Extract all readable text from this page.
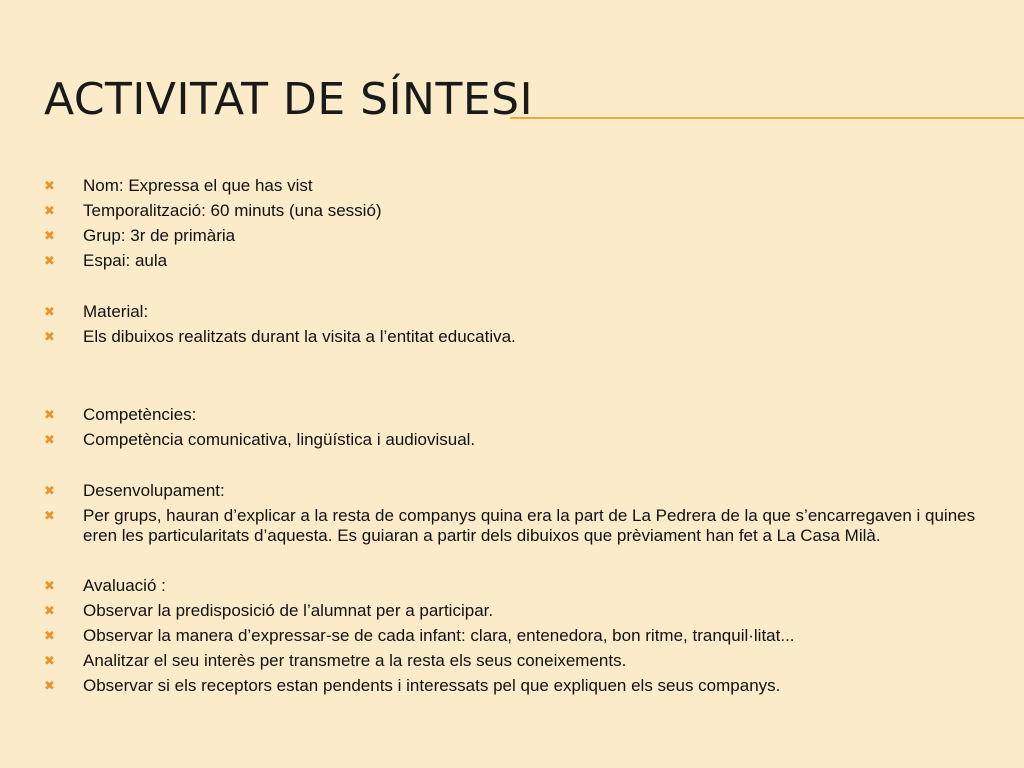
ACTIVITAT DE SÍNTESI
✖ Nom: Expressa el que has vist
✖ Temporalització: 60 minuts (una sessió)
✖ Grup: 3r de primària
✖ Espai: aula
✖ Material:
✖ Els dibuixos realitzats durant la visita a l’entitat educativa.
✖ Competències:
✖ Competència comunicativa, lingüística i audiovisual.
✖ Desenvolupament:
✖ Per grups, hauran d’explicar a la resta de companys quina era la part de La Pedrera de la que s’encarregaven i quines eren les particularitats d’aquesta. Es guiaran a partir dels dibuixos que prèviament han fet a La Casa Milà.
✖ Avaluació :
✖ Observar la predisposició de l’alumnat per a participar.
✖ Observar la manera d’expressar-se de cada infant: clara, entenedora, bon ritme, tranquil·litat...
✖ Analitzar el seu interès per transmetre a la resta els seus coneixements.
✖ Observar si els receptors estan pendents i interessats pel que expliquen els seus companys.
